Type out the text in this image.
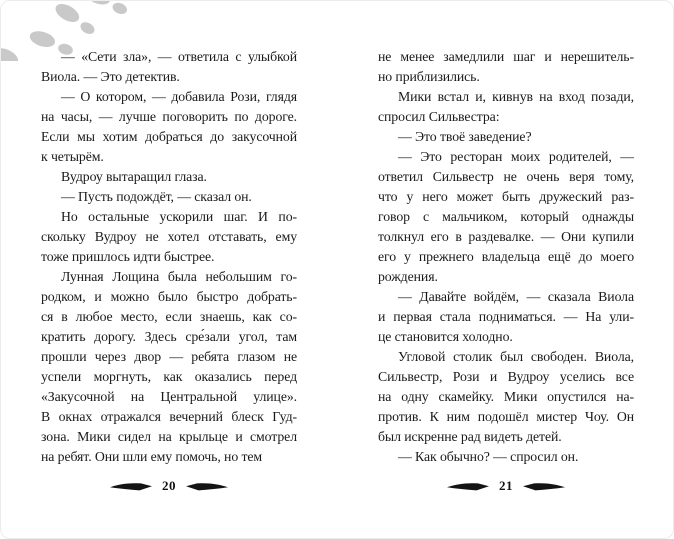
— «Сети зла», — ответила с улыбкой
Виола. — Это детектив.
— О котором, — добавила Рози, глядя
на часы, — лучше поговорить по дороге.
Если мы хотим добраться до закусочной
к четырём.
Вудроу вытаращил глаза.
— Пусть подождёт, — сказал он.
Но остальные ускорили шаг. И по-
скольку Вудроу не хотел отставать, ему
тоже пришлось идти быстрее.
Лунная Лощина была небольшим го-
родком, и можно было быстро добрать-
ся в любое место, если знаешь, как со-
кратить дорогу. Здесь сре́зали угол, там
прошли через двор — ребята глазом не
успели моргнуть, как оказались перед
«Закусочной на Центральной улице».
В окнах отражался вечерний блеск Гуд-
зона. Мики сидел на крыльце и смотрел
на ребят. Они шли ему помочь, но тем
не менее замедлили шаг и нерешитель-
но приблизились.
Мики встал и, кивнув на вход позади,
спросил Сильвестра:
— Это твоё заведение?
— Это ресторан моих родителей, —
ответил Сильвестр не очень веря тому,
что у него может быть дружеский раз-
говор с мальчиком, который однажды
толкнул его в раздевалке. — Они купили
его у прежнего владельца ещё до моего
рождения.
— Давайте войдём, — сказала Виола
и первая стала подниматься. — На ули-
це становится холодно.
Угловой столик был свободен. Виола,
Сильвестр, Рози и Вудроу уселись все
на одну скамейку. Мики опустился на-
против. К ним подошёл мистер Чоу. Он
был искренне рад видеть детей.
— Как обычно? — спросил он.
20	21
